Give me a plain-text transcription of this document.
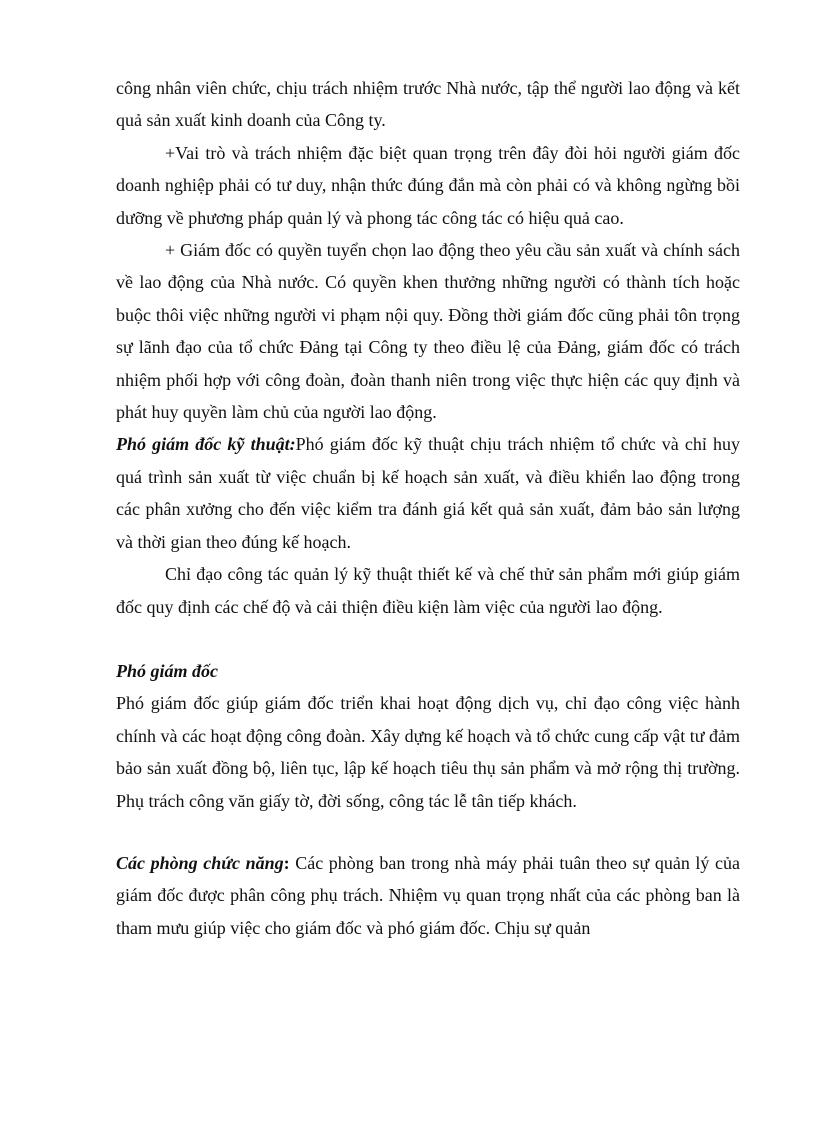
công nhân viên chức, chịu trách nhiệm trước Nhà nước, tập thể người lao động và kết quả sản xuất kinh doanh của Công ty.

+Vai trò và trách nhiệm đặc biệt quan trọng trên đây đòi hỏi người giám đốc doanh nghiệp phải có tư duy, nhận thức đúng đắn mà còn phải có và không ngừng bồi dưỡng về phương pháp quản lý và phong tác công tác có hiệu quả cao.

+ Giám đốc có quyền tuyển chọn lao động theo yêu cầu sản xuất và chính sách về lao động của Nhà nước. Có quyền khen thưởng những người có thành tích hoặc buộc thôi việc những người vi phạm nội quy. Đồng thời giám đốc cũng phải tôn trọng sự lãnh đạo của tổ chức Đảng tại Công ty theo điều lệ của Đảng, giám đốc có trách nhiệm phối hợp với công đoàn, đoàn thanh niên trong việc thực hiện các quy định và phát huy quyền làm chủ của người lao động.

Phó giám đốc kỹ thuật:Phó giám đốc kỹ thuật chịu trách nhiệm tổ chức và chỉ huy quá trình sản xuất từ việc chuẩn bị kế hoạch sản xuất, và điều khiển lao động trong các phân xưởng cho đến việc kiểm tra đánh giá kết quả sản xuất, đảm bảo sản lượng và thời gian theo đúng kế hoạch.

Chỉ đạo công tác quản lý kỹ thuật thiết kế và chế thử sản phẩm mới giúp giám đốc quy định các chế độ và cải thiện điều kiện làm việc của người lao động.

Phó giám đốc

Phó giám đốc giúp giám đốc triển khai hoạt động dịch vụ, chỉ đạo công việc hành chính và các hoạt động công đoàn. Xây dựng kế hoạch và tổ chức cung cấp vật tư đảm bảo sản xuất đồng bộ, liên tục, lập kế hoạch tiêu thụ sản phẩm và mở rộng thị trường. Phụ trách công văn giấy tờ, đời sống, công tác lễ tân tiếp khách.

Các phòng chức năng: Các phòng ban trong nhà máy phải tuân theo sự quản lý của giám đốc được phân công phụ trách. Nhiệm vụ quan trọng nhất của các phòng ban là tham mưu giúp việc cho giám đốc và phó giám đốc. Chịu sự quản
